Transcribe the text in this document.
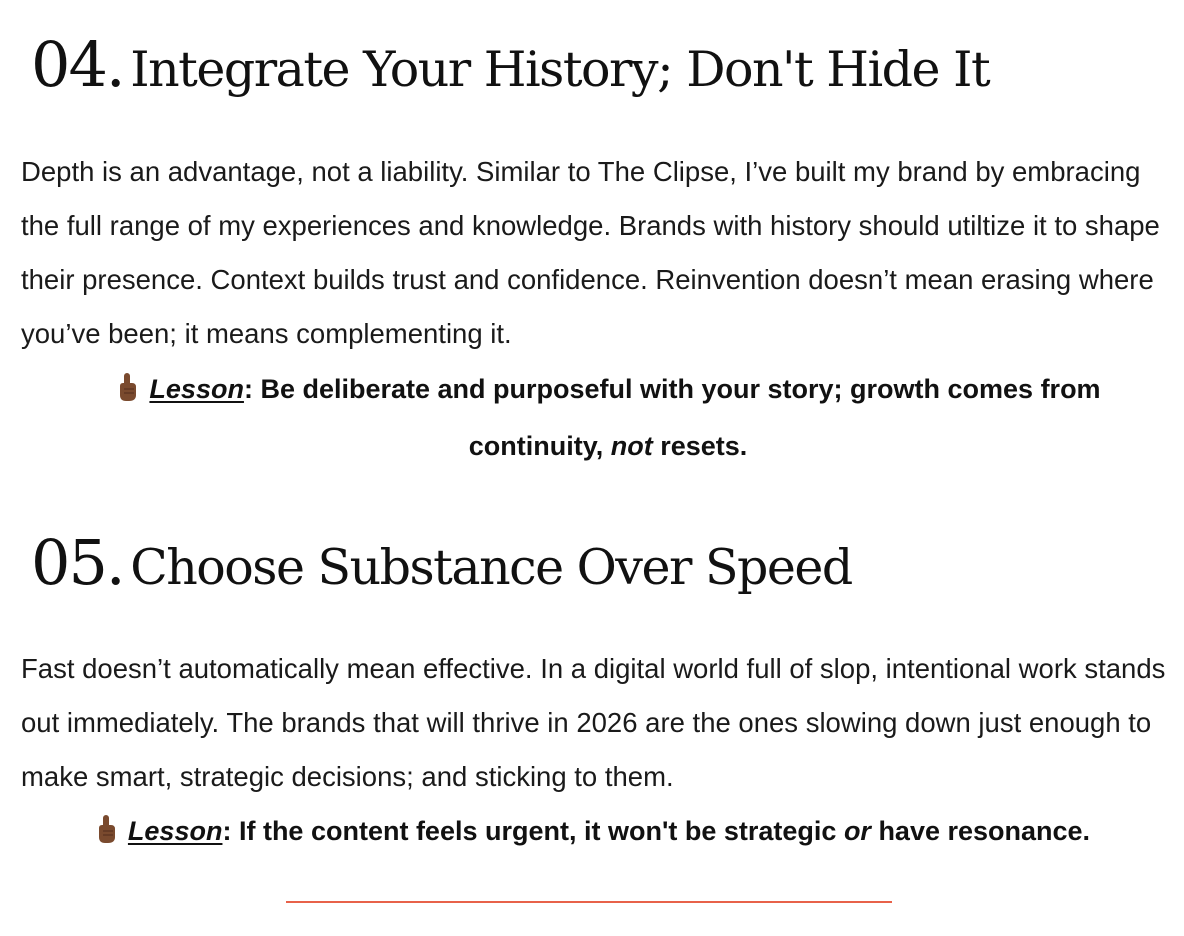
04. Integrate Your History; Don't Hide It

Depth is an advantage, not a liability. Similar to The Clipse, I’ve built my brand by embracing the full range of my experiences and knowledge. Brands with history should utiltize it to shape their presence. Context builds trust and confidence. Reinvention doesn’t mean erasing where you’ve been; it means complementing it.

Lesson: Be deliberate and purposeful with your story; growth comes from continuity, not resets.

05. Choose Substance Over Speed

Fast doesn’t automatically mean effective. In a digital world full of slop, intentional work stands out immediately. The brands that will thrive in 2026 are the ones slowing down just enough to make smart, strategic decisions; and sticking to them.

Lesson: If the content feels urgent, it won't be strategic or have resonance.
